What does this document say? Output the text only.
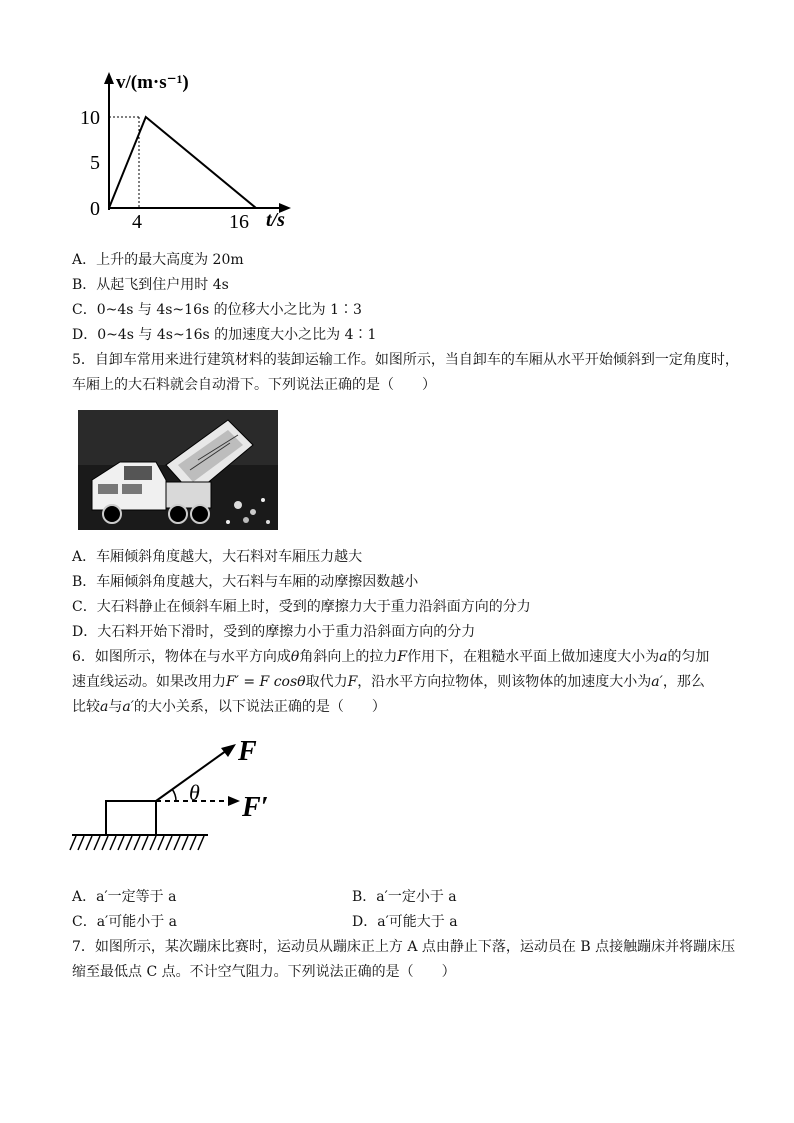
v/(m·s⁻¹)
10
5
0
4	16 t/s
A．上升的最大高度为 20m
B．从起飞到住户用时 4s
C．0~4s 与 4s~16s 的位移大小之比为 1∶3
D．0~4s 与 4s~16s 的加速度大小之比为 4∶1
5．自卸车常用来进行建筑材料的装卸运输工作。如图所示，当自卸车的车厢从水平开始倾斜到一定角度时，
车厢上的大石料就会自动滑下。下列说法正确的是（　　）
A．车厢倾斜角度越大，大石料对车厢压力越大
B．车厢倾斜角度越大，大石料与车厢的动摩擦因数越小
C．大石料静止在倾斜车厢上时，受到的摩擦力大于重力沿斜面方向的分力
D．大石料开始下滑时，受到的摩擦力小于重力沿斜面方向的分力
6．如图所示，物体在与水平方向成θ角斜向上的拉力F作用下，在粗糙水平面上做加速度大小为a的匀加
速直线运动。如果改用力F′ = F cosθ取代力F，沿水平方向拉物体，则该物体的加速度大小为a′，那么
比较a与a′的大小关系，以下说法正确的是（　　）
F
F′
θ
A．a′一定等于 a	B．a′一定小于 a
C．a′可能小于 a	D．a′可能大于 a
7．如图所示，某次蹦床比赛时，运动员从蹦床正上方 A 点由静止下落，运动员在 B 点接触蹦床并将蹦床压
缩至最低点 C 点。不计空气阻力。下列说法正确的是（　　）
